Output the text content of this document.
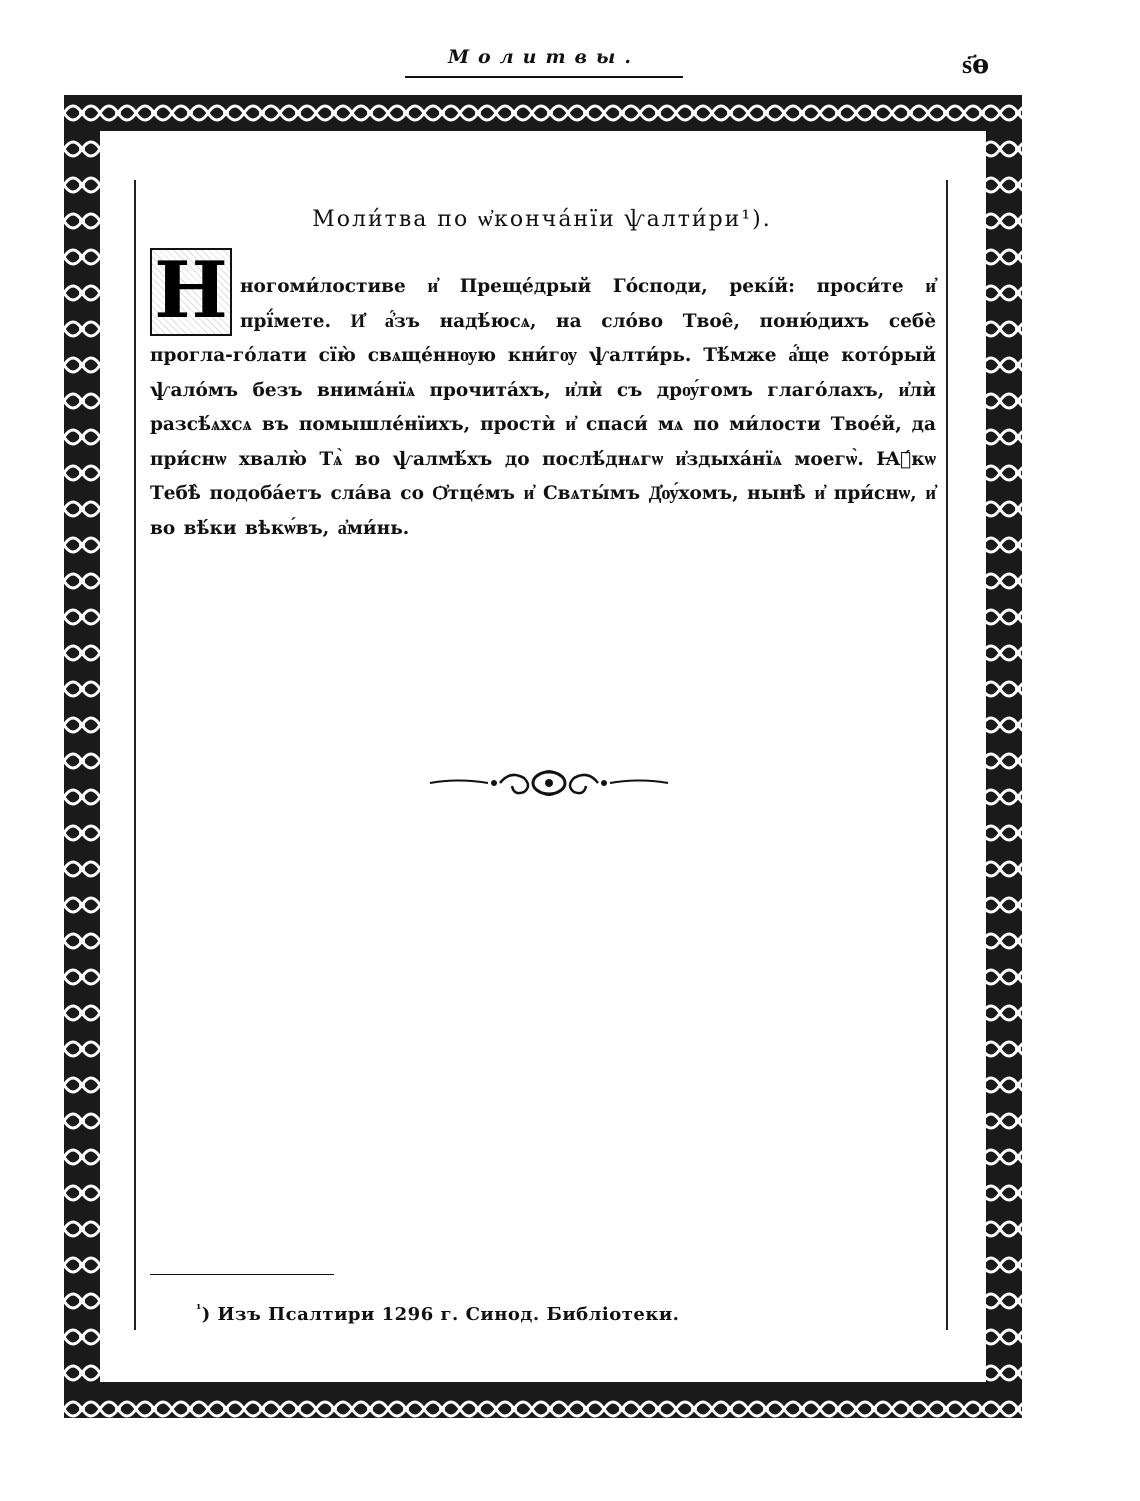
Молитвы.	ѕ҃ѳ
Моли́тва по ѡ҆конча́нїи ѱалти́ри¹).
Н ногоми́лостиве и҆ Преще́дрый Го́споди, рекі́й: проси́те и҆ прї́мете. И҆ а҆́зъ надѣ́юсѧ, на сло́во Твое̑, поню́дихъ себѐ прогла-го́лати сїю̀ свѧще́ннѹю кни́гѹ ѱалти́рь. Тѣ́мже а҆́ще кото́рый ѱало́мъ безъ внима́нїѧ прочита́хъ, и҆лѝ съ дрѹ́гомъ глаго́лахъ, и҆лѝ разсѣ́ѧхсѧ въ помышле́нїихъ, простѝ и҆ спаси́ мѧ по ми́лости Твое́й, да при́снѡ хвалю̀ Тѧ̀ во ѱалмѣ́хъ до послѣ́днѧгѡ и҆здыха́нїѧ моегѡ̀. Ꙗ҆́кѡ Тебѣ̀ подоба́етъ сла́ва со Ѻ҆тце́мъ и҆ Свѧты́мъ Д҆ѹ́хомъ, нынѣ̀ и҆ при́снѡ, и҆ во вѣ́ки вѣкѡ́въ, а҆ми́нь.
$^{^1}$) Изъ Псалтири 1296 г. Синод. Библіотеки.
